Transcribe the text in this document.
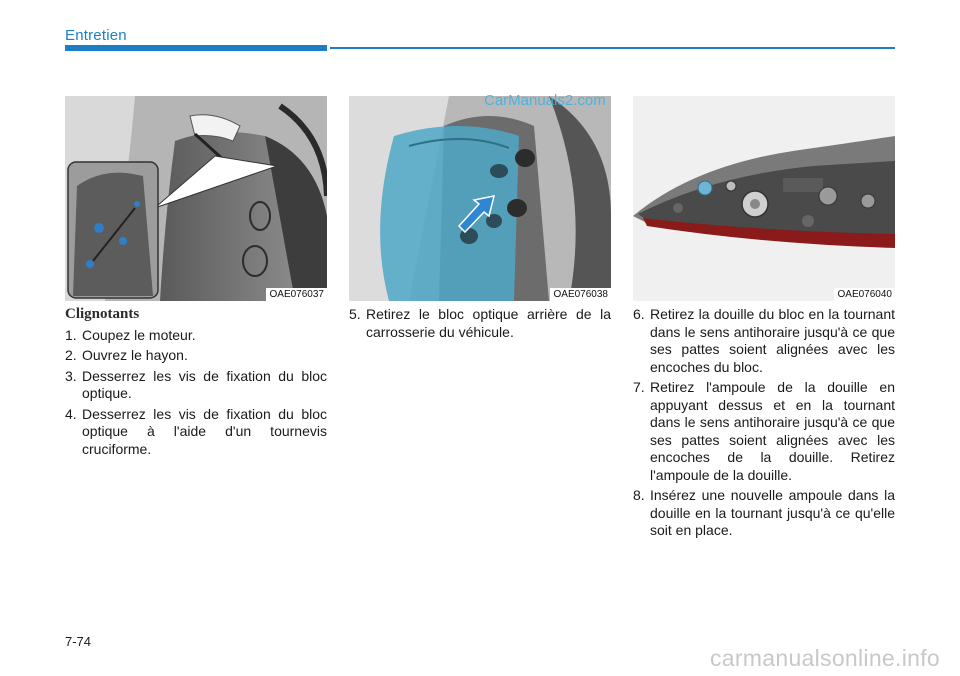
Entretien
OAE076037	OAE076038	OAE076040
CarManuals2.com
Clignotants
1. Coupez le moteur.
2. Ouvrez le hayon.
3. Desserrez les vis de fixation du bloc optique.
4. Desserrez les vis de fixation du bloc optique à l'aide d'un tournevis cruciforme.
5. Retirez le bloc optique arrière de la carrosserie du véhicule.
6. Retirez la douille du bloc en la tournant dans le sens antihoraire jusqu'à ce que ses pattes soient alignées avec les encoches du bloc.
7. Retirez l'ampoule de la douille en appuyant dessus et en la tournant dans le sens antihoraire jusqu'à ce que ses pattes soient alignées avec les encoches de la douille. Retirez l'ampoule de la douille.
8. Insérez une nouvelle ampoule dans la douille en la tournant jusqu'à ce qu'elle soit en place.
7-74
carmanualsonline.info
